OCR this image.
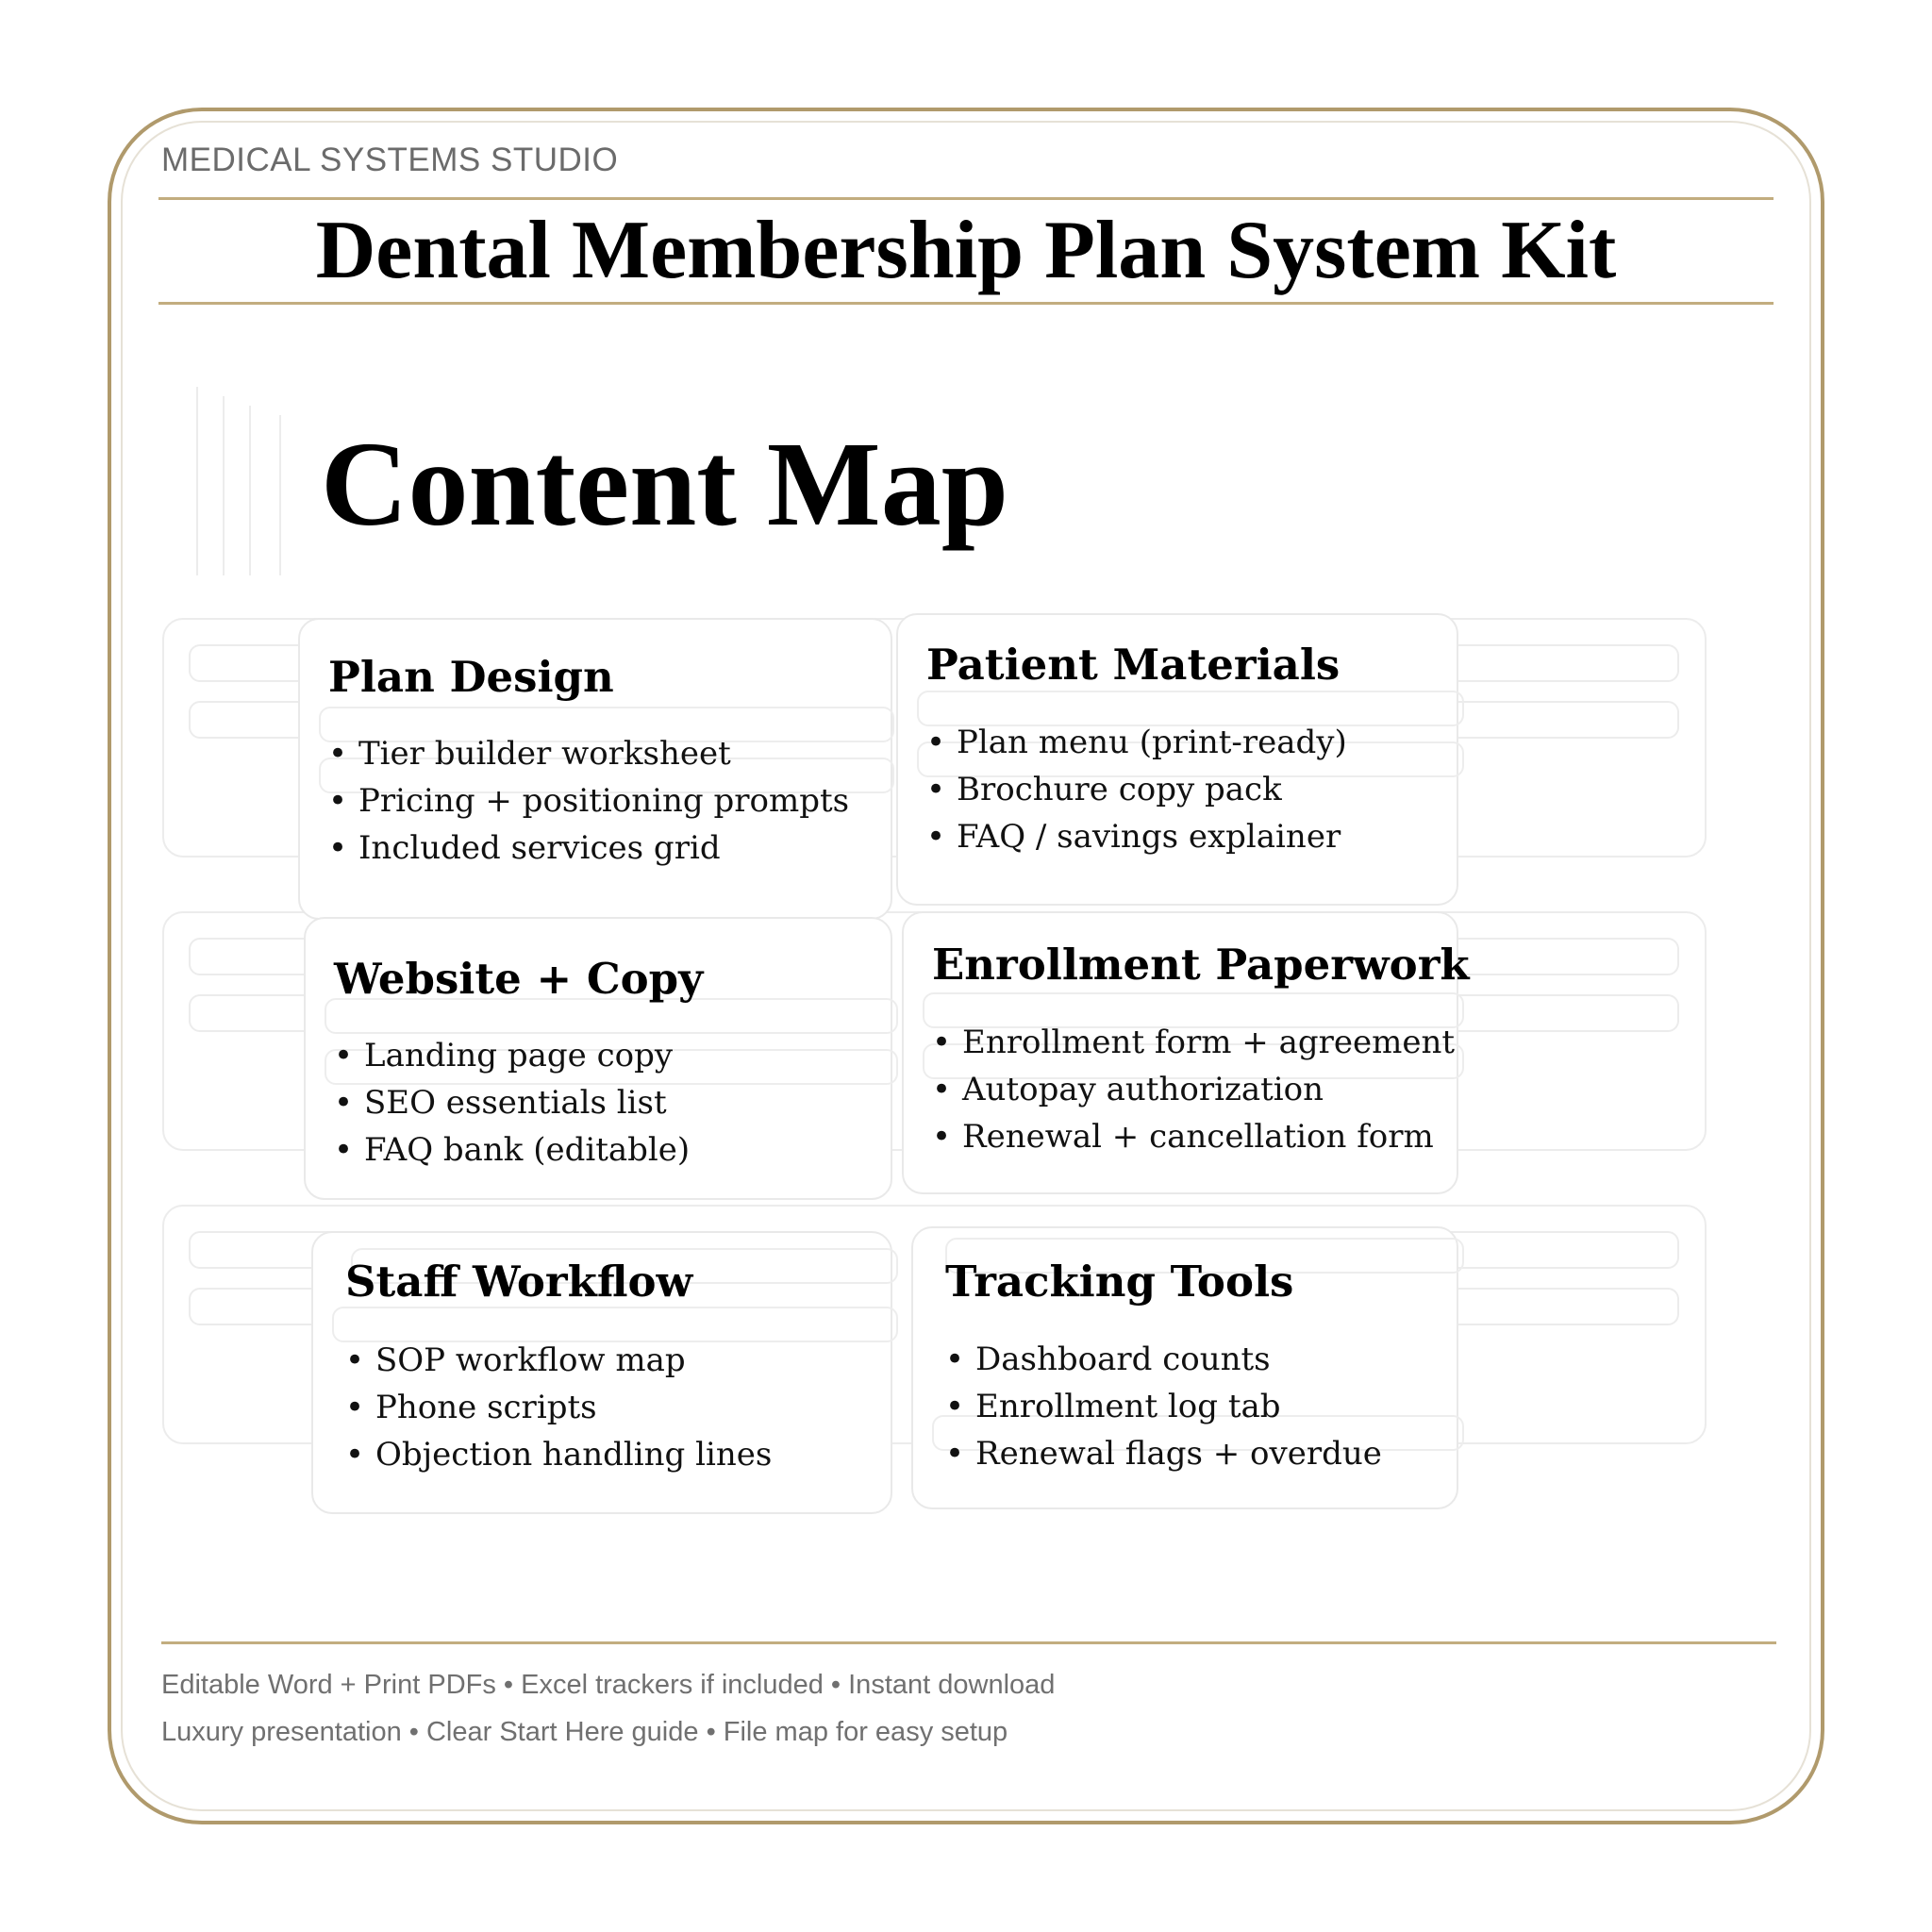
MEDICAL SYSTEMS STUDIO
Dental Membership Plan System Kit
Content Map
Plan Design
• Tier builder worksheet
• Pricing + positioning prompts
• Included services grid
Patient Materials
• Plan menu (print-ready)
• Brochure copy pack
• FAQ / savings explainer
Website + Copy
• Landing page copy
• SEO essentials list
• FAQ bank (editable)
Enrollment Paperwork
• Enrollment form + agreement
• Autopay authorization
• Renewal + cancellation form
Staff Workflow
• SOP workflow map
• Phone scripts
• Objection handling lines
Tracking Tools
• Dashboard counts
• Enrollment log tab
• Renewal flags + overdue
Editable Word + Print PDFs • Excel trackers if included • Instant download
Luxury presentation • Clear Start Here guide • File map for easy setup
